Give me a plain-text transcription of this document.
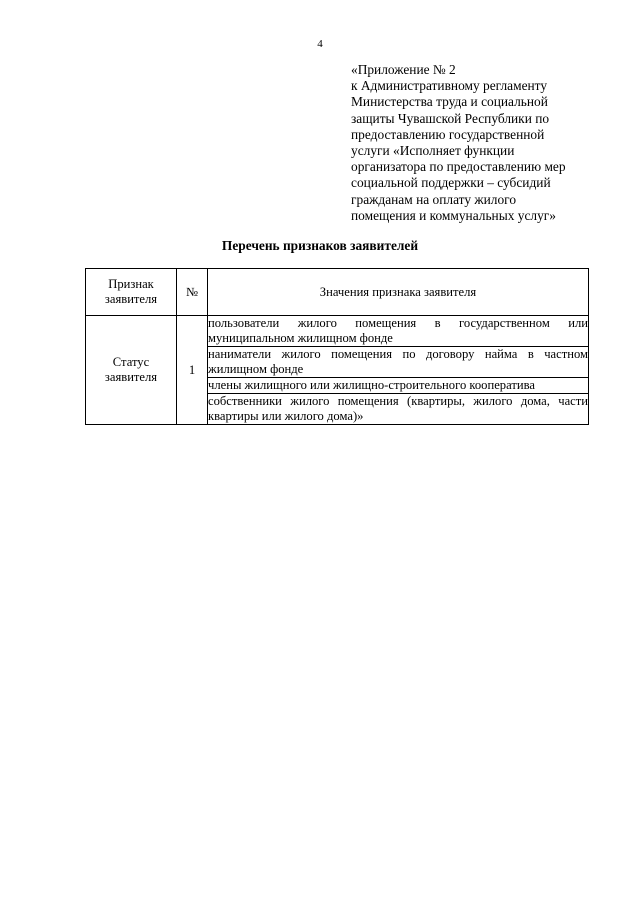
4
«Приложение № 2
к Административному регламенту
Министерства труда и социальной
защиты Чувашской Республики по
предоставлению государственной
услуги «Исполняет функции
организатора по предоставлению мер
социальной поддержки – субсидий
гражданам на оплату жилого
помещения и коммунальных услуг»
Перечень признаков заявителей
Признак
заявителя	№	Значения признака заявителя

Статус
заявителя	1	пользователи жилого помещения в государственном или муниципальном жилищном фонде
		наниматели жилого помещения по договору найма в частном жилищном фонде
		члены жилищного или жилищно-строительного кооператива
		собственники жилого помещения (квартиры, жилого дома, части квартиры или жилого дома)»
